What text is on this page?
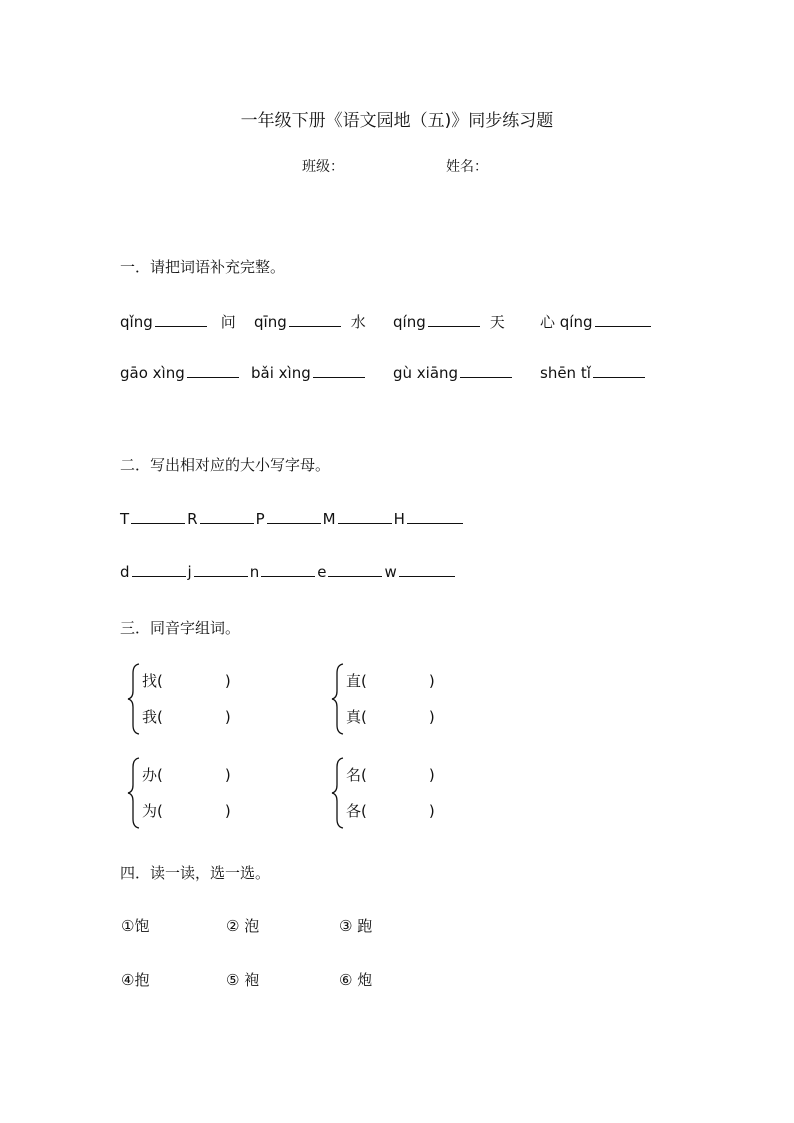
一年级下册《语文园地（五)》同步练习题
班级：	姓名：
一．请把词语补充完整。
qǐng	问 qīng	水 qíng	天 心 qíng
gāo xìng	bǎi xìng	gù xiāng	shēn tǐ
二．写出相对应的大小写字母。
T	R	P	M	H
d	j	n	e	w
三．同音字组词。
找(	)
我(	)
直(	)
真(	)
办(	)
为(	)
名(	)
各(	)
四．读一读，选一选。
①饱	② 泡	③ 跑
④抱	⑤ 袍	⑥ 炮
